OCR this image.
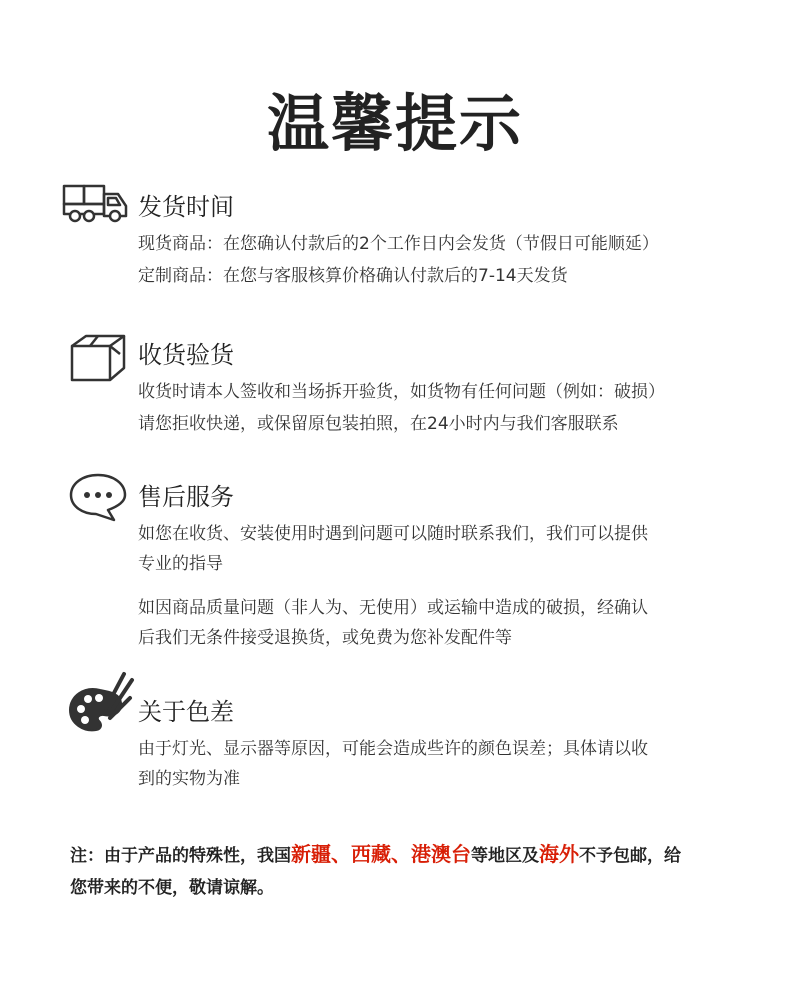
温馨提示
发货时间
现货商品：在您确认付款后的2个工作日内会发货（节假日可能顺延）
定制商品：在您与客服核算价格确认付款后的7-14天发货
收货验货
收货时请本人签收和当场拆开验货，如货物有任何问题（例如：破损）
请您拒收快递，或保留原包装拍照，在24小时内与我们客服联系
售后服务
如您在收货、安装使用时遇到问题可以随时联系我们，我们可以提供
专业的指导
如因商品质量问题（非人为、无使用）或运输中造成的破损，经确认
后我们无条件接受退换货，或免费为您补发配件等
关于色差
由于灯光、显示器等原因，可能会造成些许的颜色误差；具体请以收
到的实物为准
注：由于产品的特殊性，我国新疆、西藏、港澳台等地区及海外不予包邮，给
您带来的不便，敬请谅解。
